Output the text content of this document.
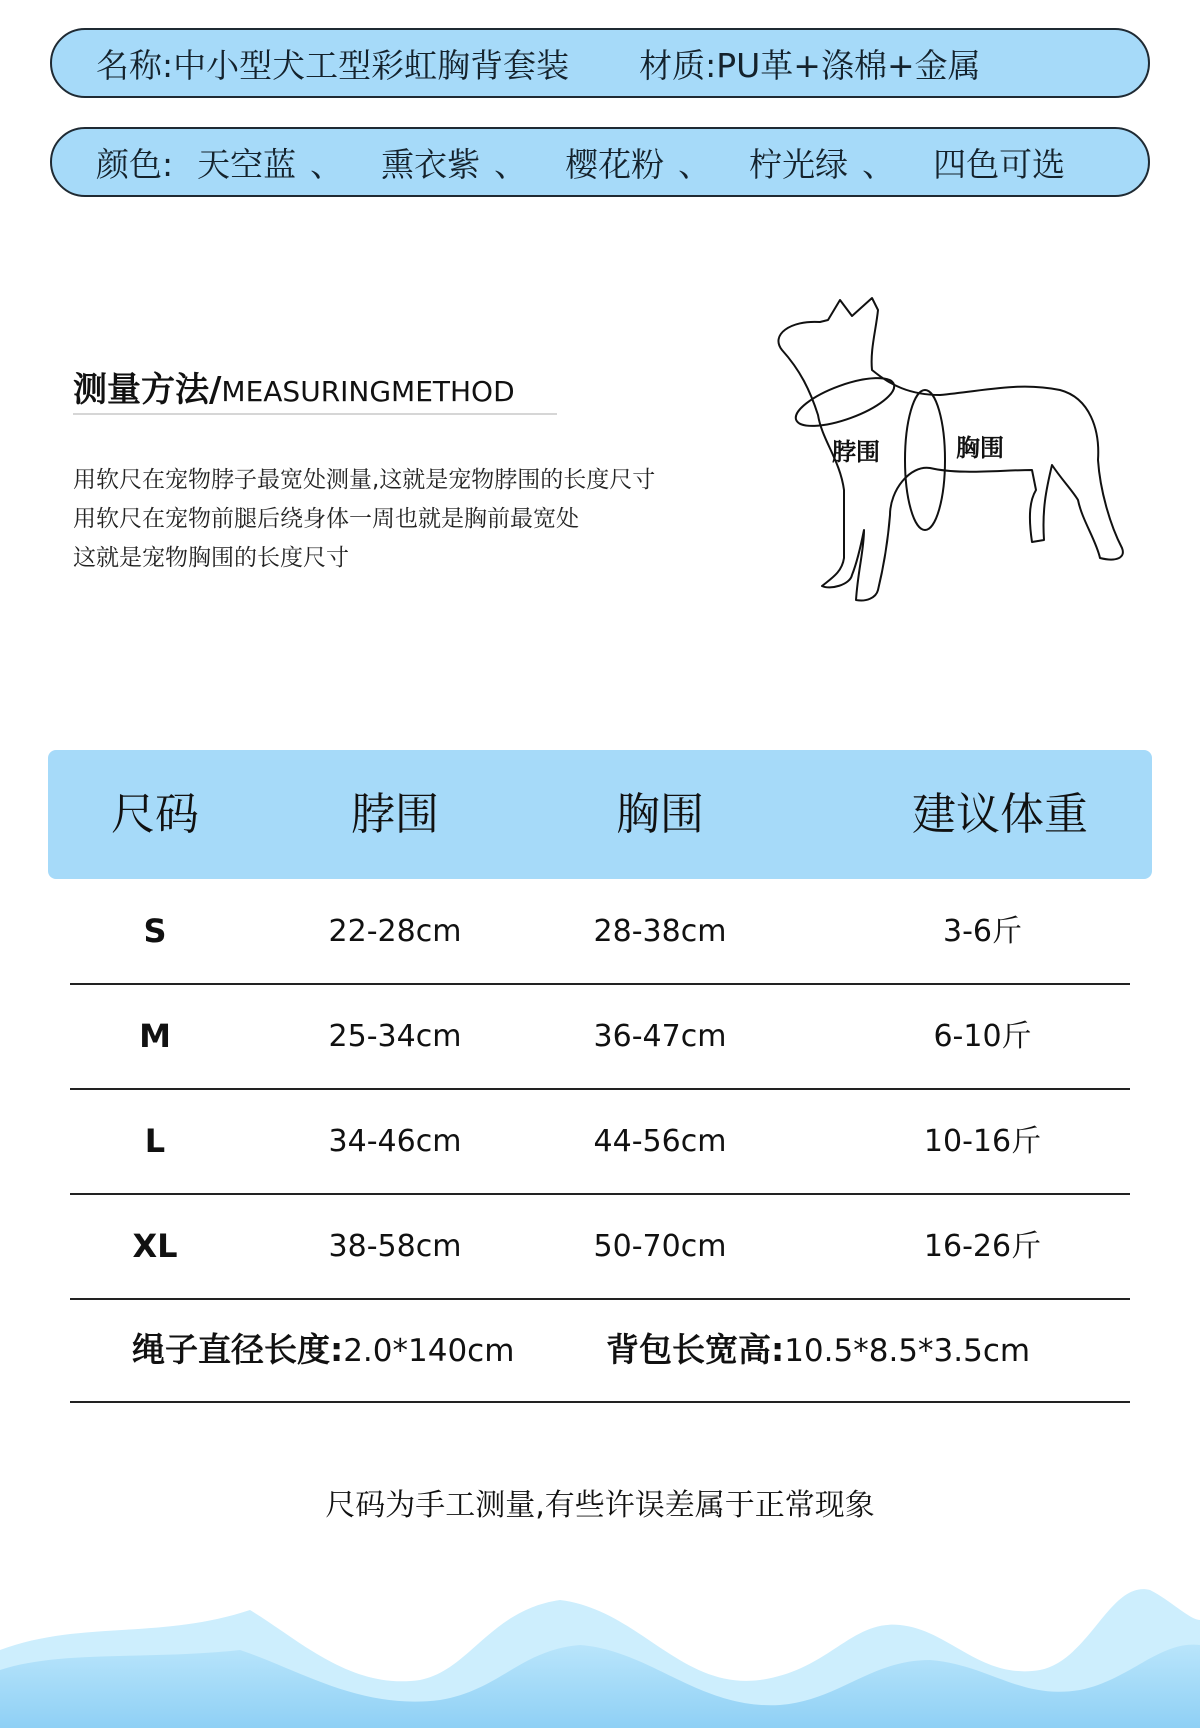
名称: 中小型犬工型彩虹胸背套装 材质: PU革+涤棉+金属
颜色: 天空蓝 、 熏衣紫 、 樱花粉 、 柠光绿 、 四色可选
测量方法/ MEASURINGMETHOD
用软尺在宠物脖子最宽处测量,这就是宠物脖围的长度尺寸
用软尺在宠物前腿后绕身体一周也就是胸前最宽处
这就是宠物胸围的长度尺寸
脖围	胸围
尺码	脖围	胸围	建议体重
S	22-28cm	28-38cm	3-6斤
M	25-34cm	36-47cm	6-10斤
L	34-46cm	44-56cm	10-16斤
XL	38-58cm	50-70cm	16-26斤
绳子直径长度:2.0*140cm	背包长宽高:10.5*8.5*3.5cm
尺码为手工测量,有些许误差属于正常现象
